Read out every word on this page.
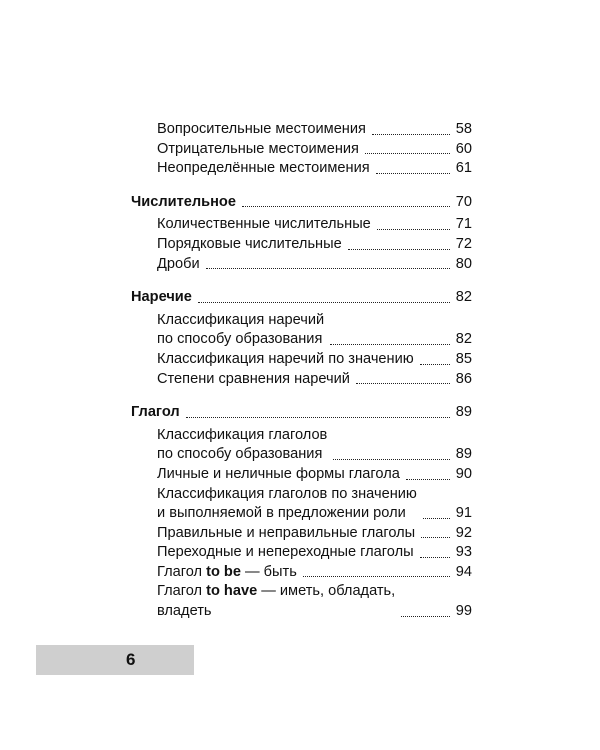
Вопросительные местоимения	58
Отрицательные местоимения	60
Неопределённые местоимения	61
Числительное	70
Количественные числительные	71
Порядковые числительные	72
Дроби	80
Наречие	82
Классификация наречий
по способу образования	82
Классификация наречий по значению	85
Степени сравнения наречий	86
Глагол	89
Классификация глаголов
по способу образования	89
Личные и неличные формы глагола	90
Классификация глаголов по значению
и выполняемой в предложении роли	91
Правильные и неправильные глаголы	92
Переходные и непереходные глаголы	93
Глагол to be — быть	94
Глагол to have — иметь, обладать,
владеть	99
6
